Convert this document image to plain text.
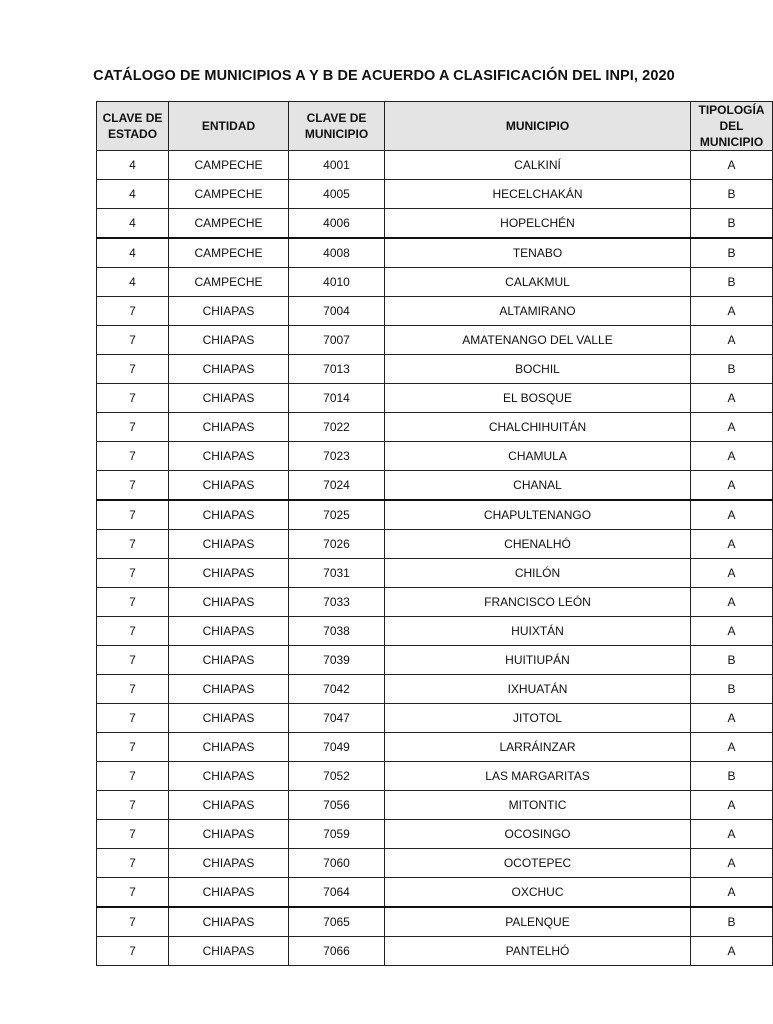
CATÁLOGO DE MUNICIPIOS A Y B DE ACUERDO A CLASIFICACIÓN DEL INPI, 2020
CLAVE DE ESTADO	ENTIDAD	CLAVE DE MUNICIPIO	MUNICIPIO	TIPOLOGÍA DEL MUNICIPIO
4	CAMPECHE	4001	CALKINÍ	A
4	CAMPECHE	4005	HECELCHAKÁN	B
4	CAMPECHE	4006	HOPELCHÉN	B
4	CAMPECHE	4008	TENABO	B
4	CAMPECHE	4010	CALAKMUL	B
7	CHIAPAS	7004	ALTAMIRANO	A
7	CHIAPAS	7007	AMATENANGO DEL VALLE	A
7	CHIAPAS	7013	BOCHIL	B
7	CHIAPAS	7014	EL BOSQUE	A
7	CHIAPAS	7022	CHALCHIHUITÁN	A
7	CHIAPAS	7023	CHAMULA	A
7	CHIAPAS	7024	CHANAL	A
7	CHIAPAS	7025	CHAPULTENANGO	A
7	CHIAPAS	7026	CHENALHÓ	A
7	CHIAPAS	7031	CHILÓN	A
7	CHIAPAS	7033	FRANCISCO LEÓN	A
7	CHIAPAS	7038	HUIXTÁN	A
7	CHIAPAS	7039	HUITIUPÁN	B
7	CHIAPAS	7042	IXHUATÁN	B
7	CHIAPAS	7047	JITOTOL	A
7	CHIAPAS	7049	LARRÁINZAR	A
7	CHIAPAS	7052	LAS MARGARITAS	B
7	CHIAPAS	7056	MITONTIC	A
7	CHIAPAS	7059	OCOSINGO	A
7	CHIAPAS	7060	OCOTEPEC	A
7	CHIAPAS	7064	OXCHUC	A
7	CHIAPAS	7065	PALENQUE	B
7	CHIAPAS	7066	PANTELHÓ	A
